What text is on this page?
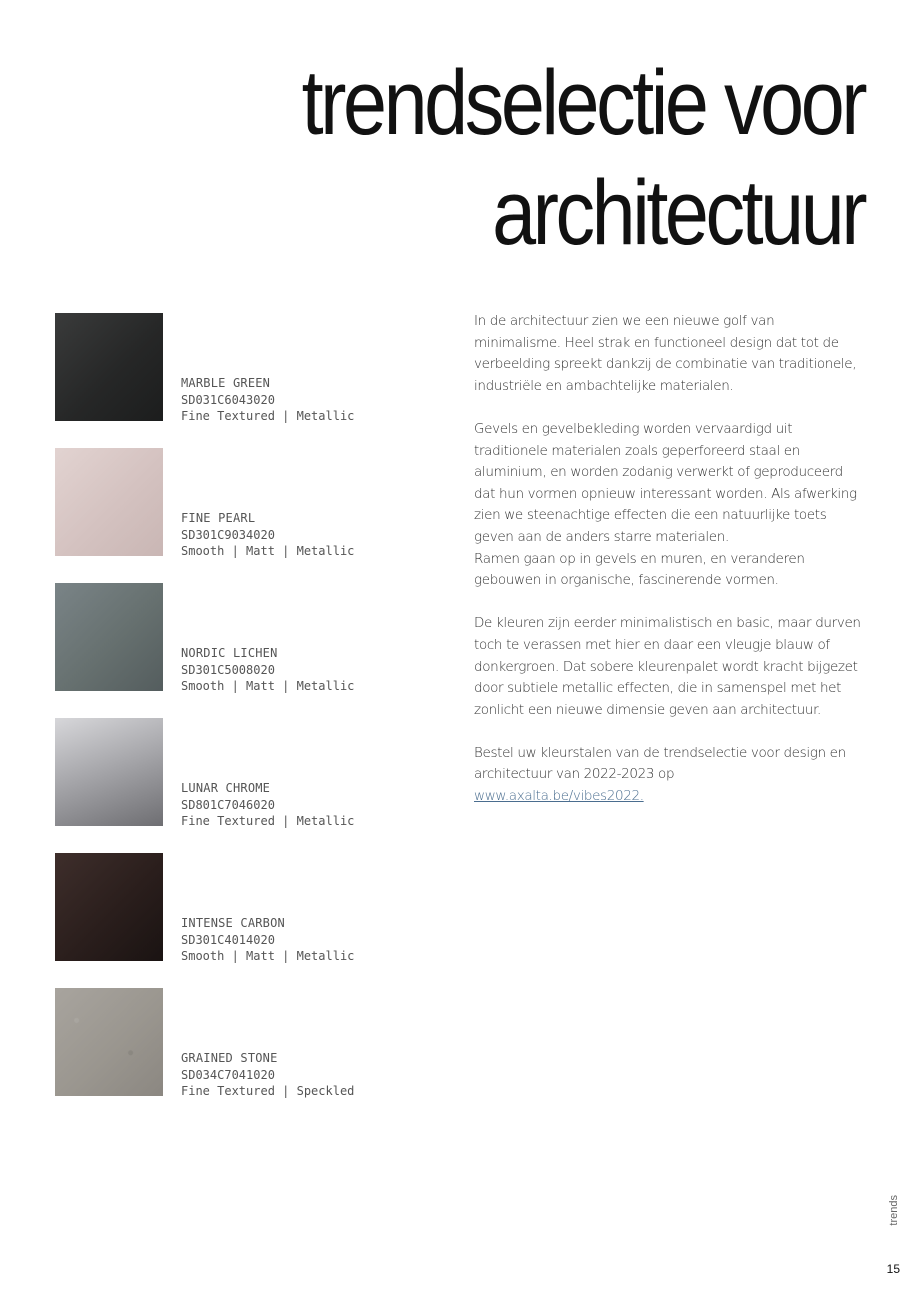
trendselectie voor
architectuur
MARBLE GREEN
SD031C6043020
Fine Textured | Metallic
FINE PEARL
SD301C9034020
Smooth | Matt | Metallic
NORDIC LICHEN
SD301C5008020
Smooth | Matt | Metallic
LUNAR CHROME
SD801C7046020
Fine Textured | Metallic
INTENSE CARBON
SD301C4014020
Smooth | Matt | Metallic
GRAINED STONE
SD034C7041020
Fine Textured | Speckled

In de architectuur zien we een nieuwe golf van
minimalisme. Heel strak en functioneel design dat tot de
verbeelding spreekt dankzij de combinatie van traditionele,
industriële en ambachtelijke materialen.

Gevels en gevelbekleding worden vervaardigd uit
traditionele materialen zoals geperforeerd staal en
aluminium, en worden zodanig verwerkt of geproduceerd
dat hun vormen opnieuw interessant worden. Als afwerking
zien we steenachtige effecten die een natuurlijke toets
geven aan de anders starre materialen.
Ramen gaan op in gevels en muren, en veranderen
gebouwen in organische, fascinerende vormen.

De kleuren zijn eerder minimalistisch en basic, maar durven
toch te verassen met hier en daar een vleugje blauw of
donkergroen. Dat sobere kleurenpalet wordt kracht bijgezet
door subtiele metallic effecten, die in samenspel met het
zonlicht een nieuwe dimensie geven aan architectuur.

Bestel uw kleurstalen van de trendselectie voor design en
architectuur van 2022-2023 op
www.axalta.be/vibes2022.

trends
15
